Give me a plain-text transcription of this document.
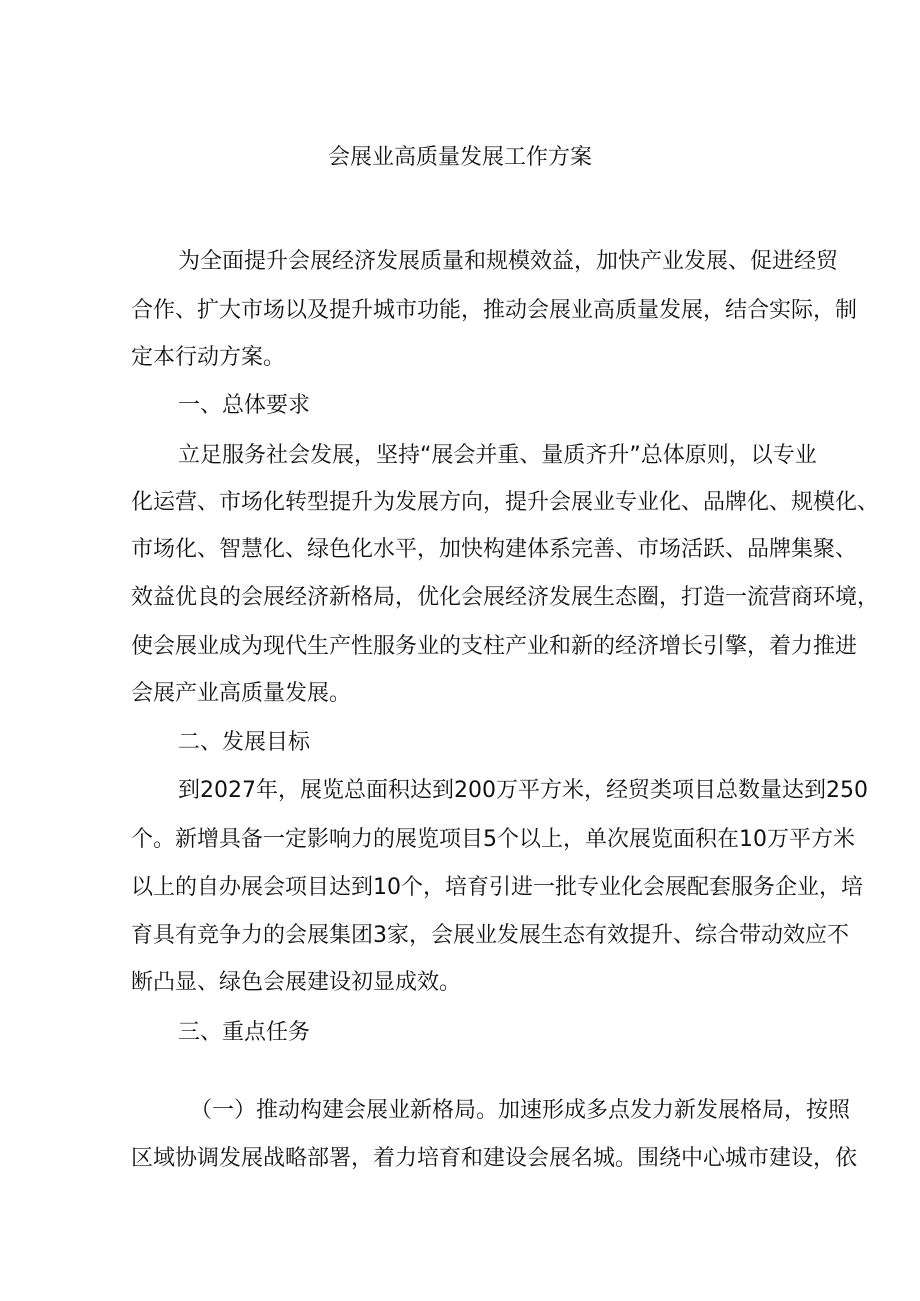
会展业高质量发展工作方案
为全面提升会展经济发展质量和规模效益，加快产业发展、促进经贸
合作、扩大市场以及提升城市功能，推动会展业高质量发展，结合实际，制
定本行动方案。
一、总体要求
立足服务社会发展，坚持“展会并重、量质齐升”总体原则，以专业
化运营、市场化转型提升为发展方向，提升会展业专业化、品牌化、规模化、
市场化、智慧化、绿色化水平，加快构建体系完善、市场活跃、品牌集聚、
效益优良的会展经济新格局，优化会展经济发展生态圈，打造一流营商环境，
使会展业成为现代生产性服务业的支柱产业和新的经济增长引擎，着力推进
会展产业高质量发展。
二、发展目标
到2027年，展览总面积达到200万平方米，经贸类项目总数量达到250
个。新增具备一定影响力的展览项目5个以上，单次展览面积在10万平方米
以上的自办展会项目达到10个，培育引进一批专业化会展配套服务企业，培
育具有竞争力的会展集团3家，会展业发展生态有效提升、综合带动效应不
断凸显、绿色会展建设初显成效。
三、重点任务
（一）推动构建会展业新格局。加速形成多点发力新发展格局，按照
区域协调发展战略部署，着力培育和建设会展名城。围绕中心城市建设，依
